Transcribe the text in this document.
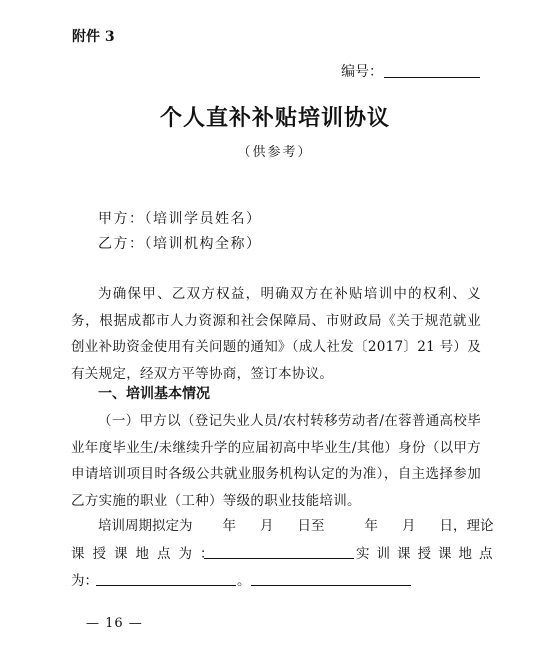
附件 3
编号：
个人直补补贴培训协议
（供参考）
甲方：（培训学员姓名）
乙方：（培训机构全称）
为确保甲、乙双方权益，明确双方在补贴培训中的权利、义务，根据成都市人力资源和社会保障局、市财政局《关于规范就业创业补助资金使用有关问题的通知》（成人社发〔2017〕21 号）及有关规定，经双方平等协商，签订本协议。
一、培训基本情况
（一）甲方以（登记失业人员/农村转移劳动者/在蓉普通高校毕业年度毕业生/未继续升学的应届初高中毕业生/其他）身份（以甲方申请培训项目时各级公共就业服务机构认定的为准），自主选择参加乙方实施的职业（工种）等级的职业技能培训。
培训周期拟定为 年 月 日至	年 月 日，理论
课授课地点为：	实训课授课地点
为：	。
— 16 —
